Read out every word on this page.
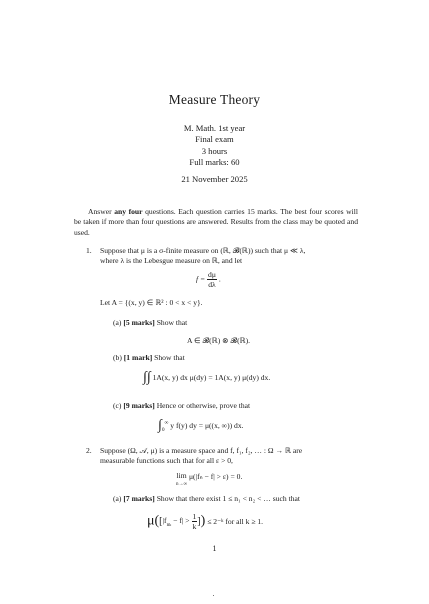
Measure Theory
M. Math. 1st year
Final exam
3 hours
Full marks: 60
21 November 2025
Answer any four questions. Each question carries 15 marks. The best four scores will be taken if more than four questions are answered. Results from the class may be quoted and used.
1. Suppose that μ is a σ-finite measure on (ℝ, 𝓑(ℝ)) such that μ ≪ λ,
where λ is the Lebesgue measure on ℝ, and let
$f = \frac{d\mu}{d\lambda}$ .
Let A = {(x, y) ∈ ℝ² : 0 < x < y}.
(a) [5 marks] Show that
A ∈ 𝓑(ℝ) ⊗ 𝓑(ℝ).
(b) [1 mark] Show that
∫∫ 1A(x, y) dx μ(dy) = 1A(x, y) μ(dy) dx.
(c) [9 marks] Hence or otherwise, prove that
$\int_0^\infty$ y f(y) dy = μ((x, ∞)) dx.
2. Suppose (Ω, 𝒜, μ) is a measure space and f, f₁, f₂, … : Ω → ℝ are
measurable functions such that for all ε > 0,
lim
n→∞ μ(|fₙ − f| > ε) = 0.
(a) [7 marks] Show that there exist 1 ≤ n₁ < n₂ < … such that
$\mu([|f_{nk} - f| > \frac{1}{k}$ ]) ≤ 2⁻ᵏ for all k ≥ 1.
1
